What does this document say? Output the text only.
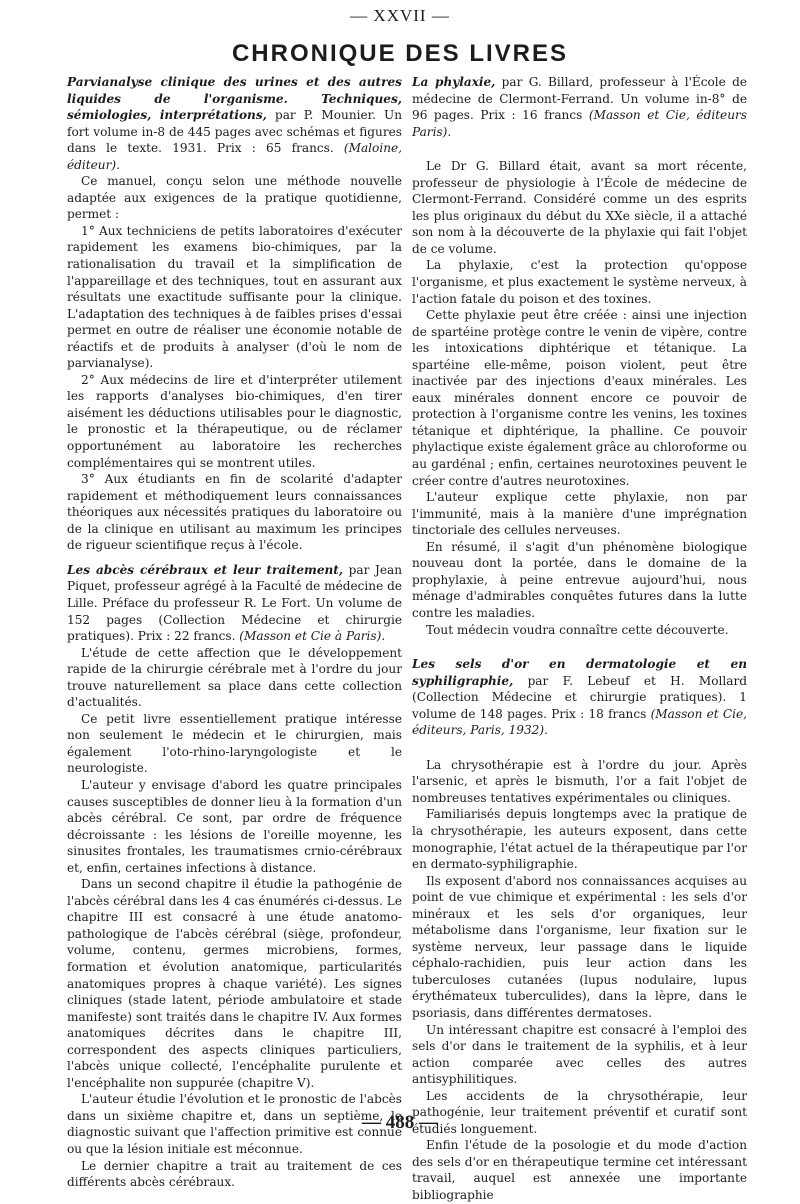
— XXVII —
CHRONIQUE DES LIVRES

Parvianalyse clinique des urines et des autres liquides de l'organisme. Techniques, sémiologies, interprétations, par P. Mounier. Un fort volume in-8 de 445 pages avec schémas et figures dans le texte. 1931. Prix : 65 francs. (Maloine, éditeur).

Ce manuel, conçu selon une méthode nouvelle adaptée aux exigences de la pratique quotidienne, permet :

1° Aux techniciens de petits laboratoires d'exécuter rapidement les examens bio-chimiques, par la rationalisation du travail et la simplification de l'appareillage et des techniques, tout en assurant aux résultats une exactitude suffisante pour la clinique. L'adaptation des techniques à de faibles prises d'essai permet en outre de réaliser une économie notable de réactifs et de produits à analyser (d'où le nom de parvianalyse).

2° Aux médecins de lire et d'interpréter utilement les rapports d'analyses bio-chimiques, d'en tirer aisément les déductions utilisables pour le diagnostic, le pronostic et la thérapeutique, ou de réclamer opportunément au laboratoire les recherches complémentaires qui se montrent utiles.

3° Aux étudiants en fin de scolarité d'adapter rapidement et méthodiquement leurs connaissances théoriques aux nécessités pratiques du laboratoire ou de la clinique en utilisant au maximum les principes de rigueur scientifique reçus à l'école.

Les abcès cérébraux et leur traitement, par Jean Piquet, professeur agrégé à la Faculté de médecine de Lille. Préface du professeur R. Le Fort. Un volume de 152 pages (Collection Médecine et chirurgie pratiques). Prix : 22 francs. (Masson et Cie à Paris).

L'étude de cette affection que le développement rapide de la chirurgie cérébrale met à l'ordre du jour trouve naturellement sa place dans cette collection d'actualités.

Ce petit livre essentiellement pratique intéresse non seulement le médecin et le chirurgien, mais également l'oto-rhino-laryngologiste et le neurologiste.

L'auteur y envisage d'abord les quatre principales causes susceptibles de donner lieu à la formation d'un abcès cérébral. Ce sont, par ordre de fréquence décroissante : les lésions de l'oreille moyenne, les sinusites frontales, les traumatismes crnio-cérébraux et, enfin, certaines infections à distance.

Dans un second chapitre il étudie la pathogénie de l'abcès cérébral dans les 4 cas énumérés ci-dessus. Le chapitre III est consacré à une étude anatomo-pathologique de l'abcès cérébral (siège, profondeur, volume, contenu, germes microbiens, formes, formation et évolution anatomique, particularités anatomiques propres à chaque variété). Les signes cliniques (stade latent, période ambulatoire et stade manifeste) sont traités dans le chapitre IV. Aux formes anatomiques décrites dans le chapitre III, correspondent des aspects cliniques particuliers, l'abcès unique collecté, l'encéphalite purulente et l'encéphalite non suppurée (chapitre V).

L'auteur étudie l'évolution et le pronostic de l'abcès dans un sixième chapitre et, dans un septième, le diagnostic suivant que l'affection primitive est connue ou que la lésion initiale est méconnue.

Le dernier chapitre a trait au traitement de ces différents abcès cérébraux.

La phylaxie, par G. Billard, professeur à l'École de médecine de Clermont-Ferrand. Un volume in-8° de 96 pages. Prix : 16 francs (Masson et Cie, éditeurs Paris).

Le Dr G. Billard était, avant sa mort récente, professeur de physiologie à l'École de médecine de Clermont-Ferrand. Considéré comme un des esprits les plus originaux du début du XXe siècle, il a attaché son nom à la découverte de la phylaxie qui fait l'objet de ce volume.

La phylaxie, c'est la protection qu'oppose l'organisme, et plus exactement le système nerveux, à l'action fatale du poison et des toxines.

Cette phylaxie peut être créée : ainsi une injection de spartéine protège contre le venin de vipère, contre les intoxications diphtérique et tétanique. La spartéine elle-même, poison violent, peut être inactivée par des injections d'eaux minérales. Les eaux minérales donnent encore ce pouvoir de protection à l'organisme contre les venins, les toxines tétanique et diphtérique, la phalline. Ce pouvoir phylactique existe également grâce au chloroforme ou au gardénal ; enfin, certaines neurotoxines peuvent le créer contre d'autres neurotoxines.

L'auteur explique cette phylaxie, non par l'immunité, mais à la manière d'une imprégnation tinctoriale des cellules nerveuses.

En résumé, il s'agit d'un phénomène biologique nouveau dont la portée, dans le domaine de la prophylaxie, à peine entrevue aujourd'hui, nous ménage d'admirables conquêtes futures dans la lutte contre les maladies.

Tout médecin voudra connaître cette découverte.

Les sels d'or en dermatologie et en syphiligraphie, par F. Lebeuf et H. Mollard (Collection Médecine et chirurgie pratiques). 1 volume de 148 pages. Prix : 18 francs (Masson et Cie, éditeurs, Paris, 1932).

La chrysothérapie est à l'ordre du jour. Après l'arsenic, et après le bismuth, l'or a fait l'objet de nombreuses tentatives expérimentales ou cliniques.

Familiarisés depuis longtemps avec la pratique de la chrysothérapie, les auteurs exposent, dans cette monographie, l'état actuel de la thérapeutique par l'or en dermato-syphiligraphie.

Ils exposent d'abord nos connaissances acquises au point de vue chimique et expérimental : les sels d'or minéraux et les sels d'or organiques, leur métabolisme dans l'organisme, leur fixation sur le système nerveux, leur passage dans le liquide céphalo-rachidien, puis leur action dans les tuberculoses cutanées (lupus nodulaire, lupus érythémateux tuberculides), dans la lèpre, dans le psoriasis, dans différentes dermatoses.

Un intéressant chapitre est consacré à l'emploi des sels d'or dans le traitement de la syphilis, et à leur action comparée avec celles des autres antisyphilitiques.

Les accidents de la chrysothérapie, leur pathogénie, leur traitement préventif et curatif sont étudiés longuement.

Enfin l'étude de la posologie et du mode d'action des sels d'or en thérapeutique termine cet intéressant travail, auquel est annexée une importante bibliographie

— 488 —
